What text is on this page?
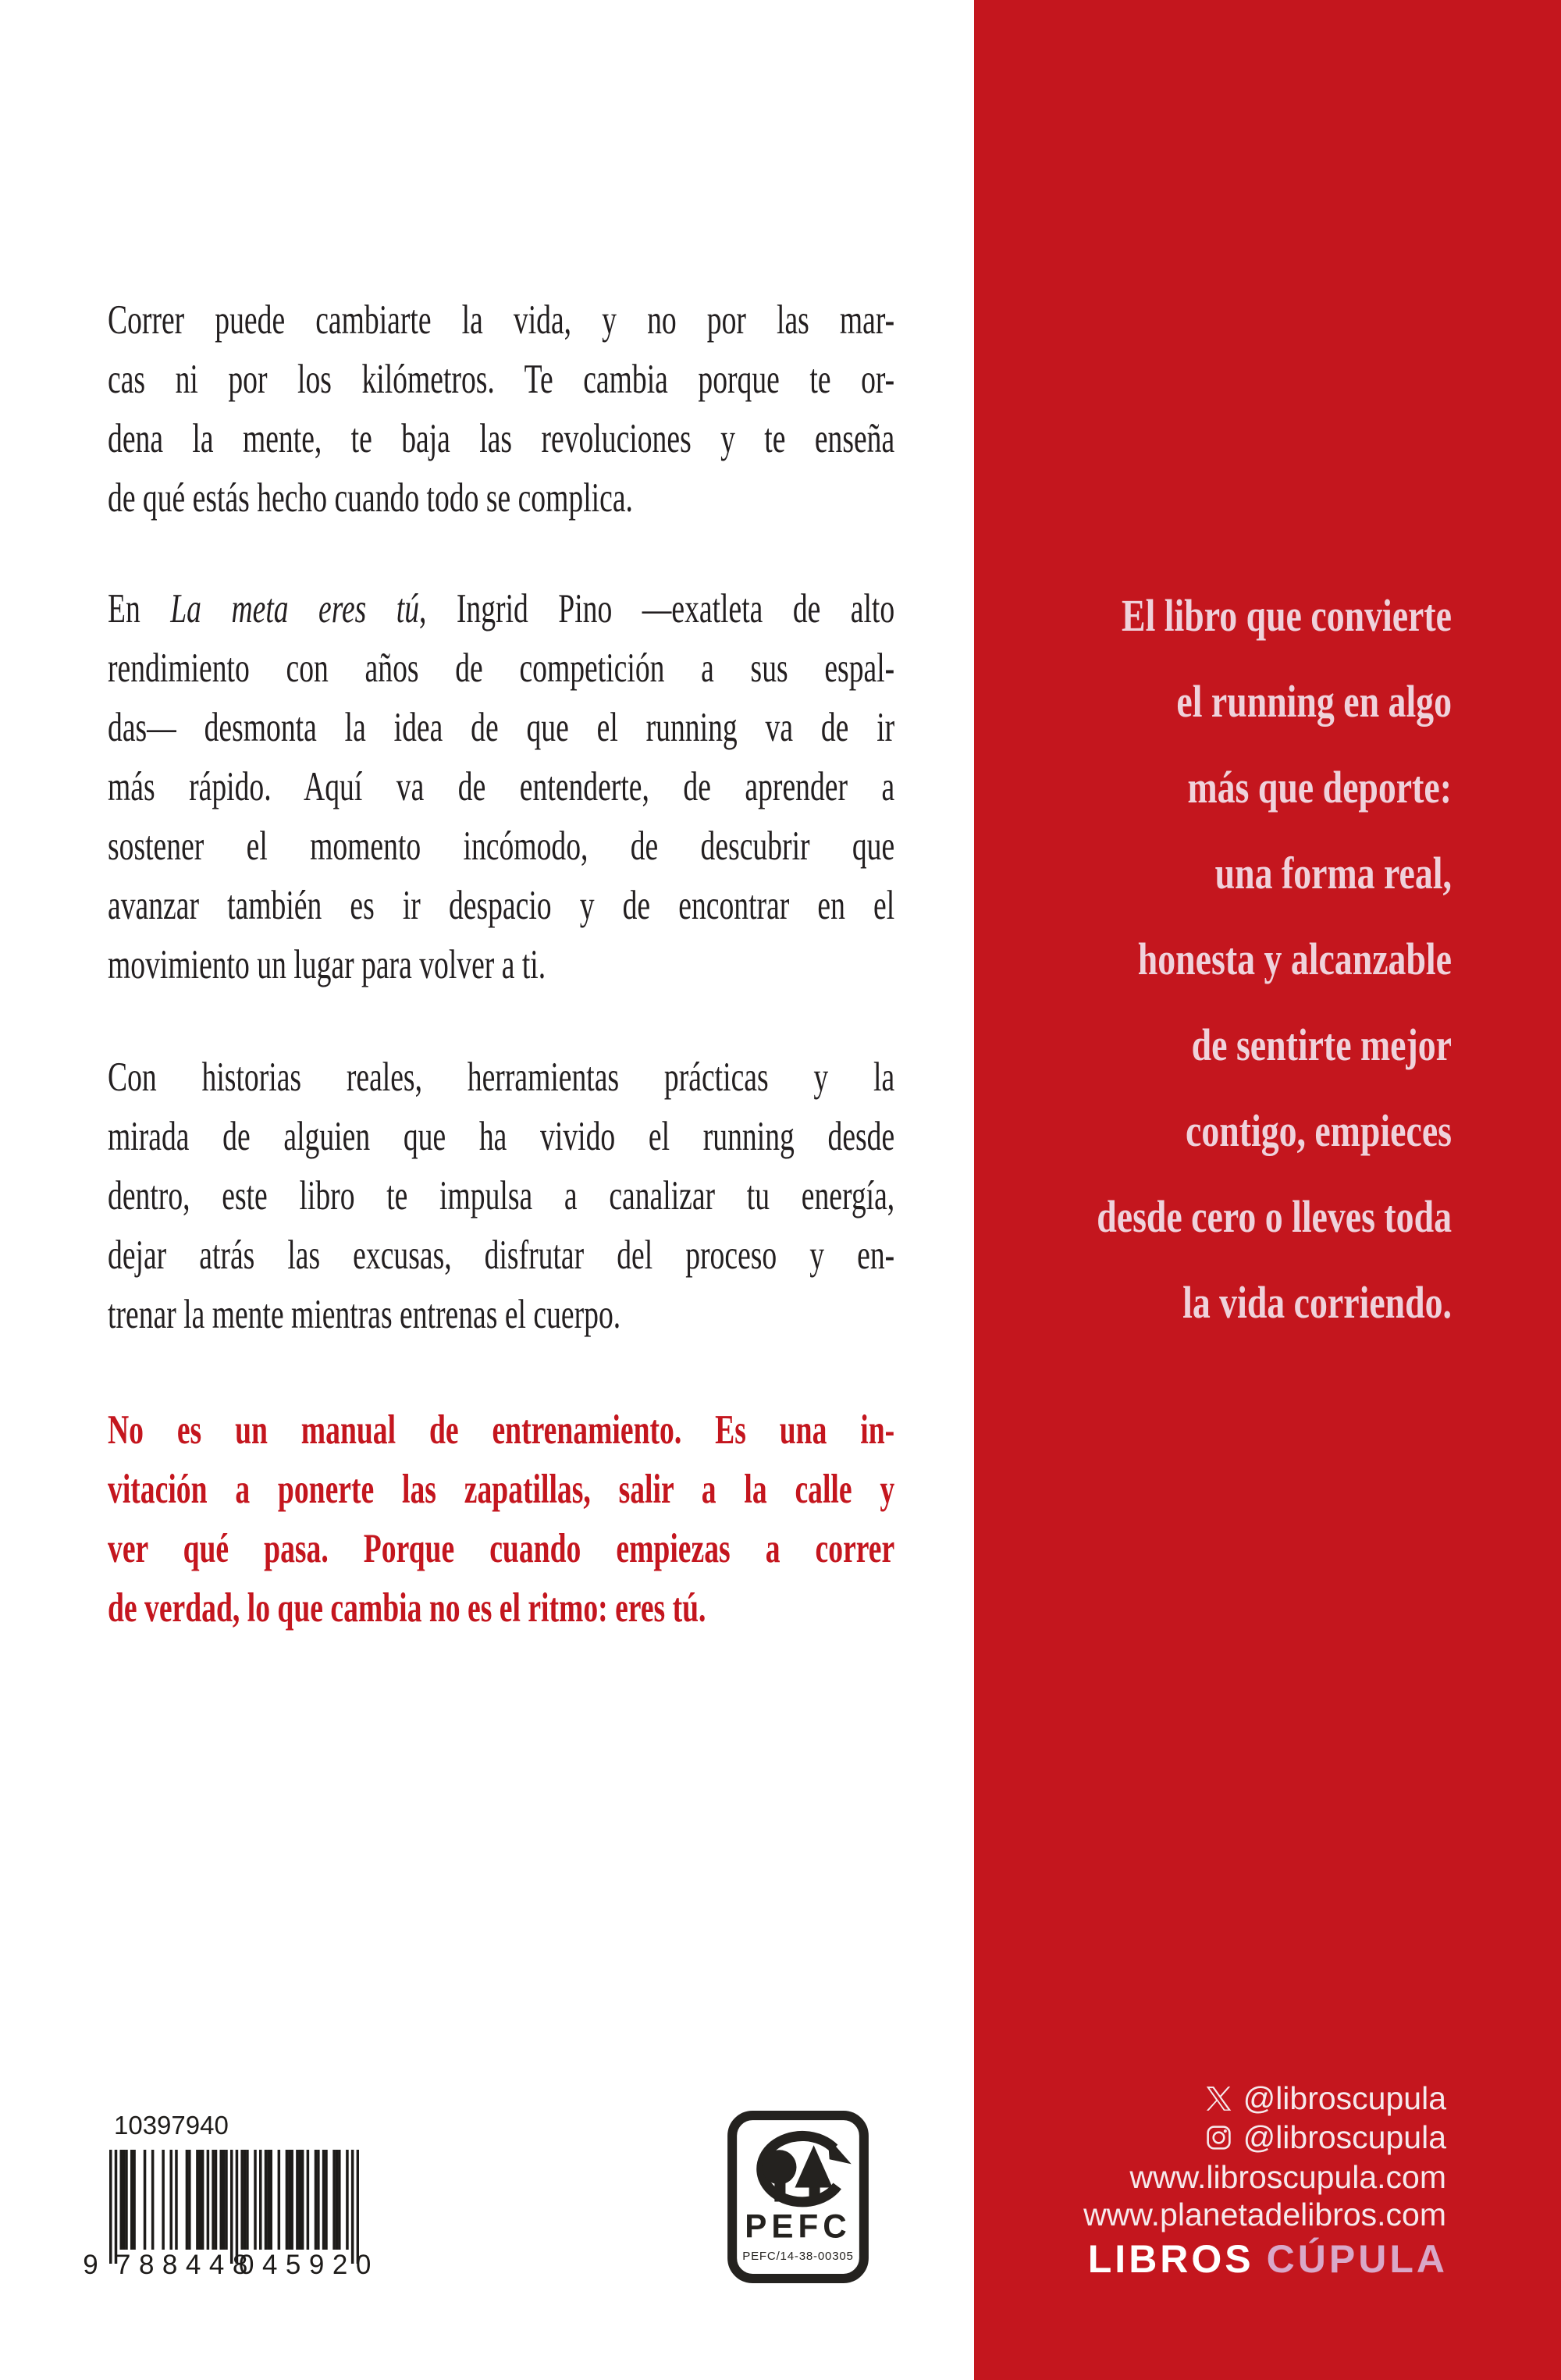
Correr puede cambiarte la vida, y no por las mar-
cas ni por los kilómetros. Te cambia porque te or-
dena la mente, te baja las revoluciones y te enseña
de qué estás hecho cuando todo se complica.
En La meta eres tú, Ingrid Pino —exatleta de alto
rendimiento con años de competición a sus espal-
das— desmonta la idea de que el running va de ir
más rápido. Aquí va de entenderte, de aprender a
sostener el momento incómodo, de descubrir que
avanzar también es ir despacio y de encontrar en el
movimiento un lugar para volver a ti.
Con historias reales, herramientas prácticas y la
mirada de alguien que ha vivido el running desde
dentro, este libro te impulsa a canalizar tu energía,
dejar atrás las excusas, disfrutar del proceso y en-
trenar la mente mientras entrenas el cuerpo.
No es un manual de entrenamiento. Es una in-
vitación a ponerte las zapatillas, salir a la calle y
ver qué pasa. Porque cuando empiezas a correr
de verdad, lo que cambia no es el ritmo: eres tú.
10397940
9 788448
045920
PEFC
PEFC/14-38-00305
El libro que convierte
el running en algo
más que deporte:
una forma real,
honesta y alcanzable
de sentirte mejor
contigo, empieces
desde cero o lleves toda
la vida corriendo.
@libroscupula
@libroscupula
www.libroscupula.com
www.planetadelibros.com
LIBROS CÚPULA
